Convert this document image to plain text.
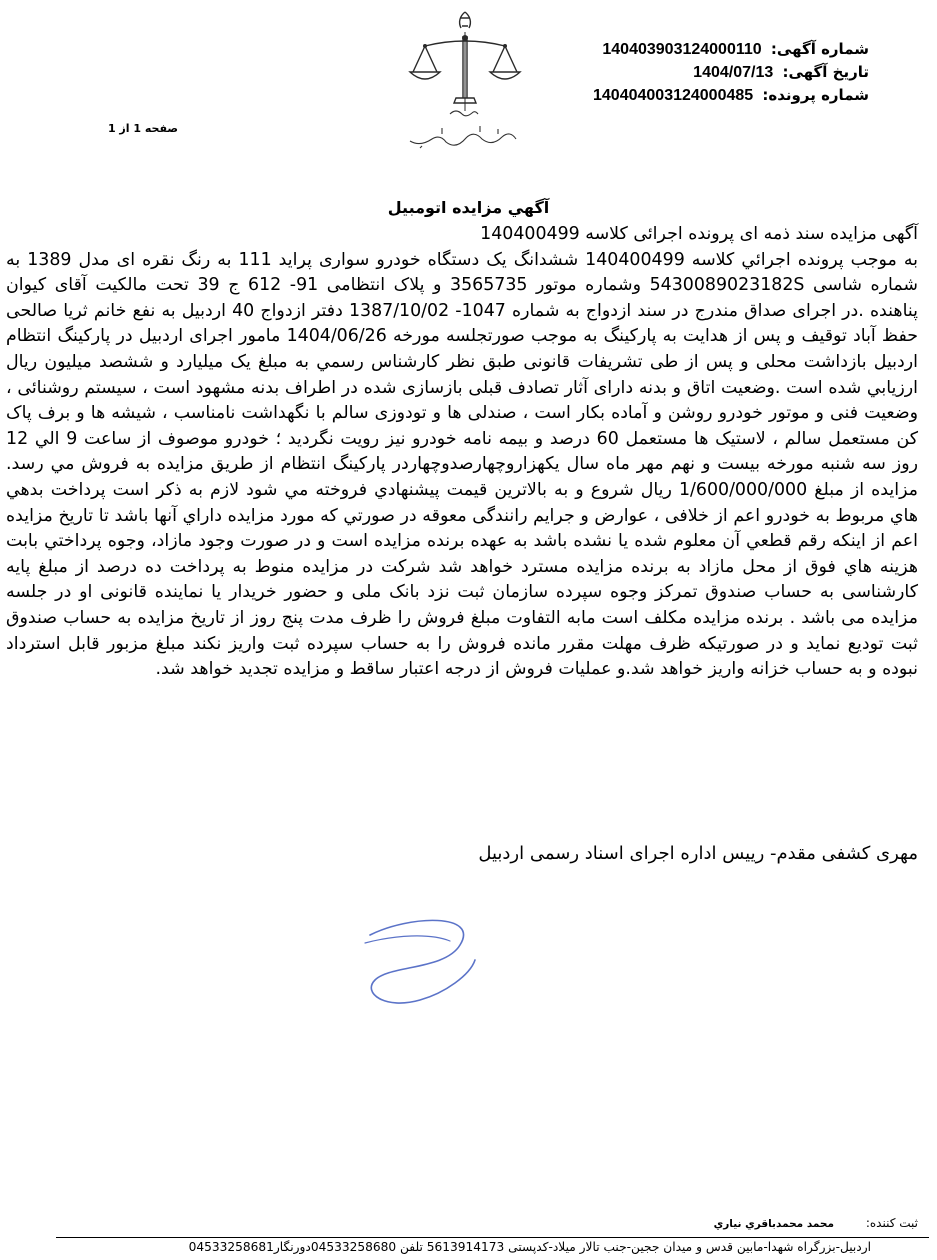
شماره آگهی: 140403903124000110
تاریخ آگهی: 1404/07/13
شماره پرونده: 140404003124000485
صفحه 1 از 1
آگهي مزايده اتومبيل
آگهی مزایده سند ذمه ای پرونده اجرائی کلاسه 140400499
به موجب پرونده اجرائي كلاسه 140400499 ششدانگ يک دستگاه خودرو سواری پراید 111 به رنگ نقره ای مدل 1389 به شماره شاسی 5430089023182S وشماره موتور 3565735 و پلاک انتظامی 91- 612 ج 39 تحت مالکیت آقای کیوان پناهنده .در اجرای صداق مندرج در سند ازدواج به شماره 1047- 1387/10/02 دفتر ازدواج 40 اردبیل به نفع خانم ثریا صالحی حفظ آباد توقیف و پس از هدایت به پارکینگ به موجب صورتجلسه مورخه 1404/06/26 مامور اجرای اردبیل در پارکینگ انتظام اردبیل بازداشت محلی و پس از طی تشریفات قانونی طبق نظر كارشناس رسمي به مبلغ یک میلیارد و ششصد میلیون ريال ارزيابي شده است .وضعیت اتاق و بدنه دارای آثار تصادف قبلی بازسازی شده در اطراف بدنه مشهود است ، سیستم روشنائی ، وضعیت فنی و موتور خودرو روشن و آماده بکار است ، صندلی ها و تودوزی سالم با نگهداشت نامناسب ، شیشه ها و برف پاک کن مستعمل سالم ، لاستیک ها مستعمل 60 درصد و بیمه نامه خودرو نیز رویت نگردید ؛ خودرو موصوف از ساعت 9 الي 12 روز سه شنبه مورخه بیست و نهم مهر ماه سال یکهزاروچهارصدوچهاردر پارکینگ انتظام از طريق مزايده به فروش مي رسد. مزايده از مبلغ 1/600/000/000 ريال شروع و به بالاترين قيمت پيشنهادي فروخته مي شود لازم به ذكر است پرداخت بدهي هاي مربوط به خودرو اعم از خلافی ، عوارض و جرایم رانندگی معوقه در صورتي كه مورد مزايده داراي آنها باشد تا تاريخ مزايده اعم از اينكه رقم قطعي آن معلوم شده يا نشده باشد به عهده برنده مزايده است و در صورت وجود مازاد، وجوه پرداختي بابت هزينه هاي فوق از محل مازاد به برنده مزايده مسترد خواهد شد شرکت در مزایده منوط به پرداخت ده درصد از مبلغ پایه کارشناسی به حساب صندوق تمرکز وجوه سپرده سازمان ثبت نزد بانک ملی و حضور خریدار یا نماینده قانونی او در جلسه مزایده می باشد . برنده مزایده مکلف است مابه التفاوت مبلغ فروش را ظرف مدت پنج روز از تاریخ مزایده به حساب صندوق ثبت تودیع نماید و در صورتیکه ظرف مهلت مقرر مانده فروش را به حساب سپرده ثبت واریز نکند مبلغ مزبور قابل استرداد نبوده و به حساب خزانه واریز خواهد شد.و عملیات فروش از درجه اعتبار ساقط و مزایده تجدید خواهد شد.
مهری کشفی مقدم- رييس اداره اجرای اسناد رسمی اردبيل
ثبت كننده: محمد محمدباقري نياري
اردبیل-بزرگراه شهدا-مابین قدس و میدان ججین-جنب تالار میلاد-کدپستی 5613914173 تلفن 04533258680دورنگار04533258681
